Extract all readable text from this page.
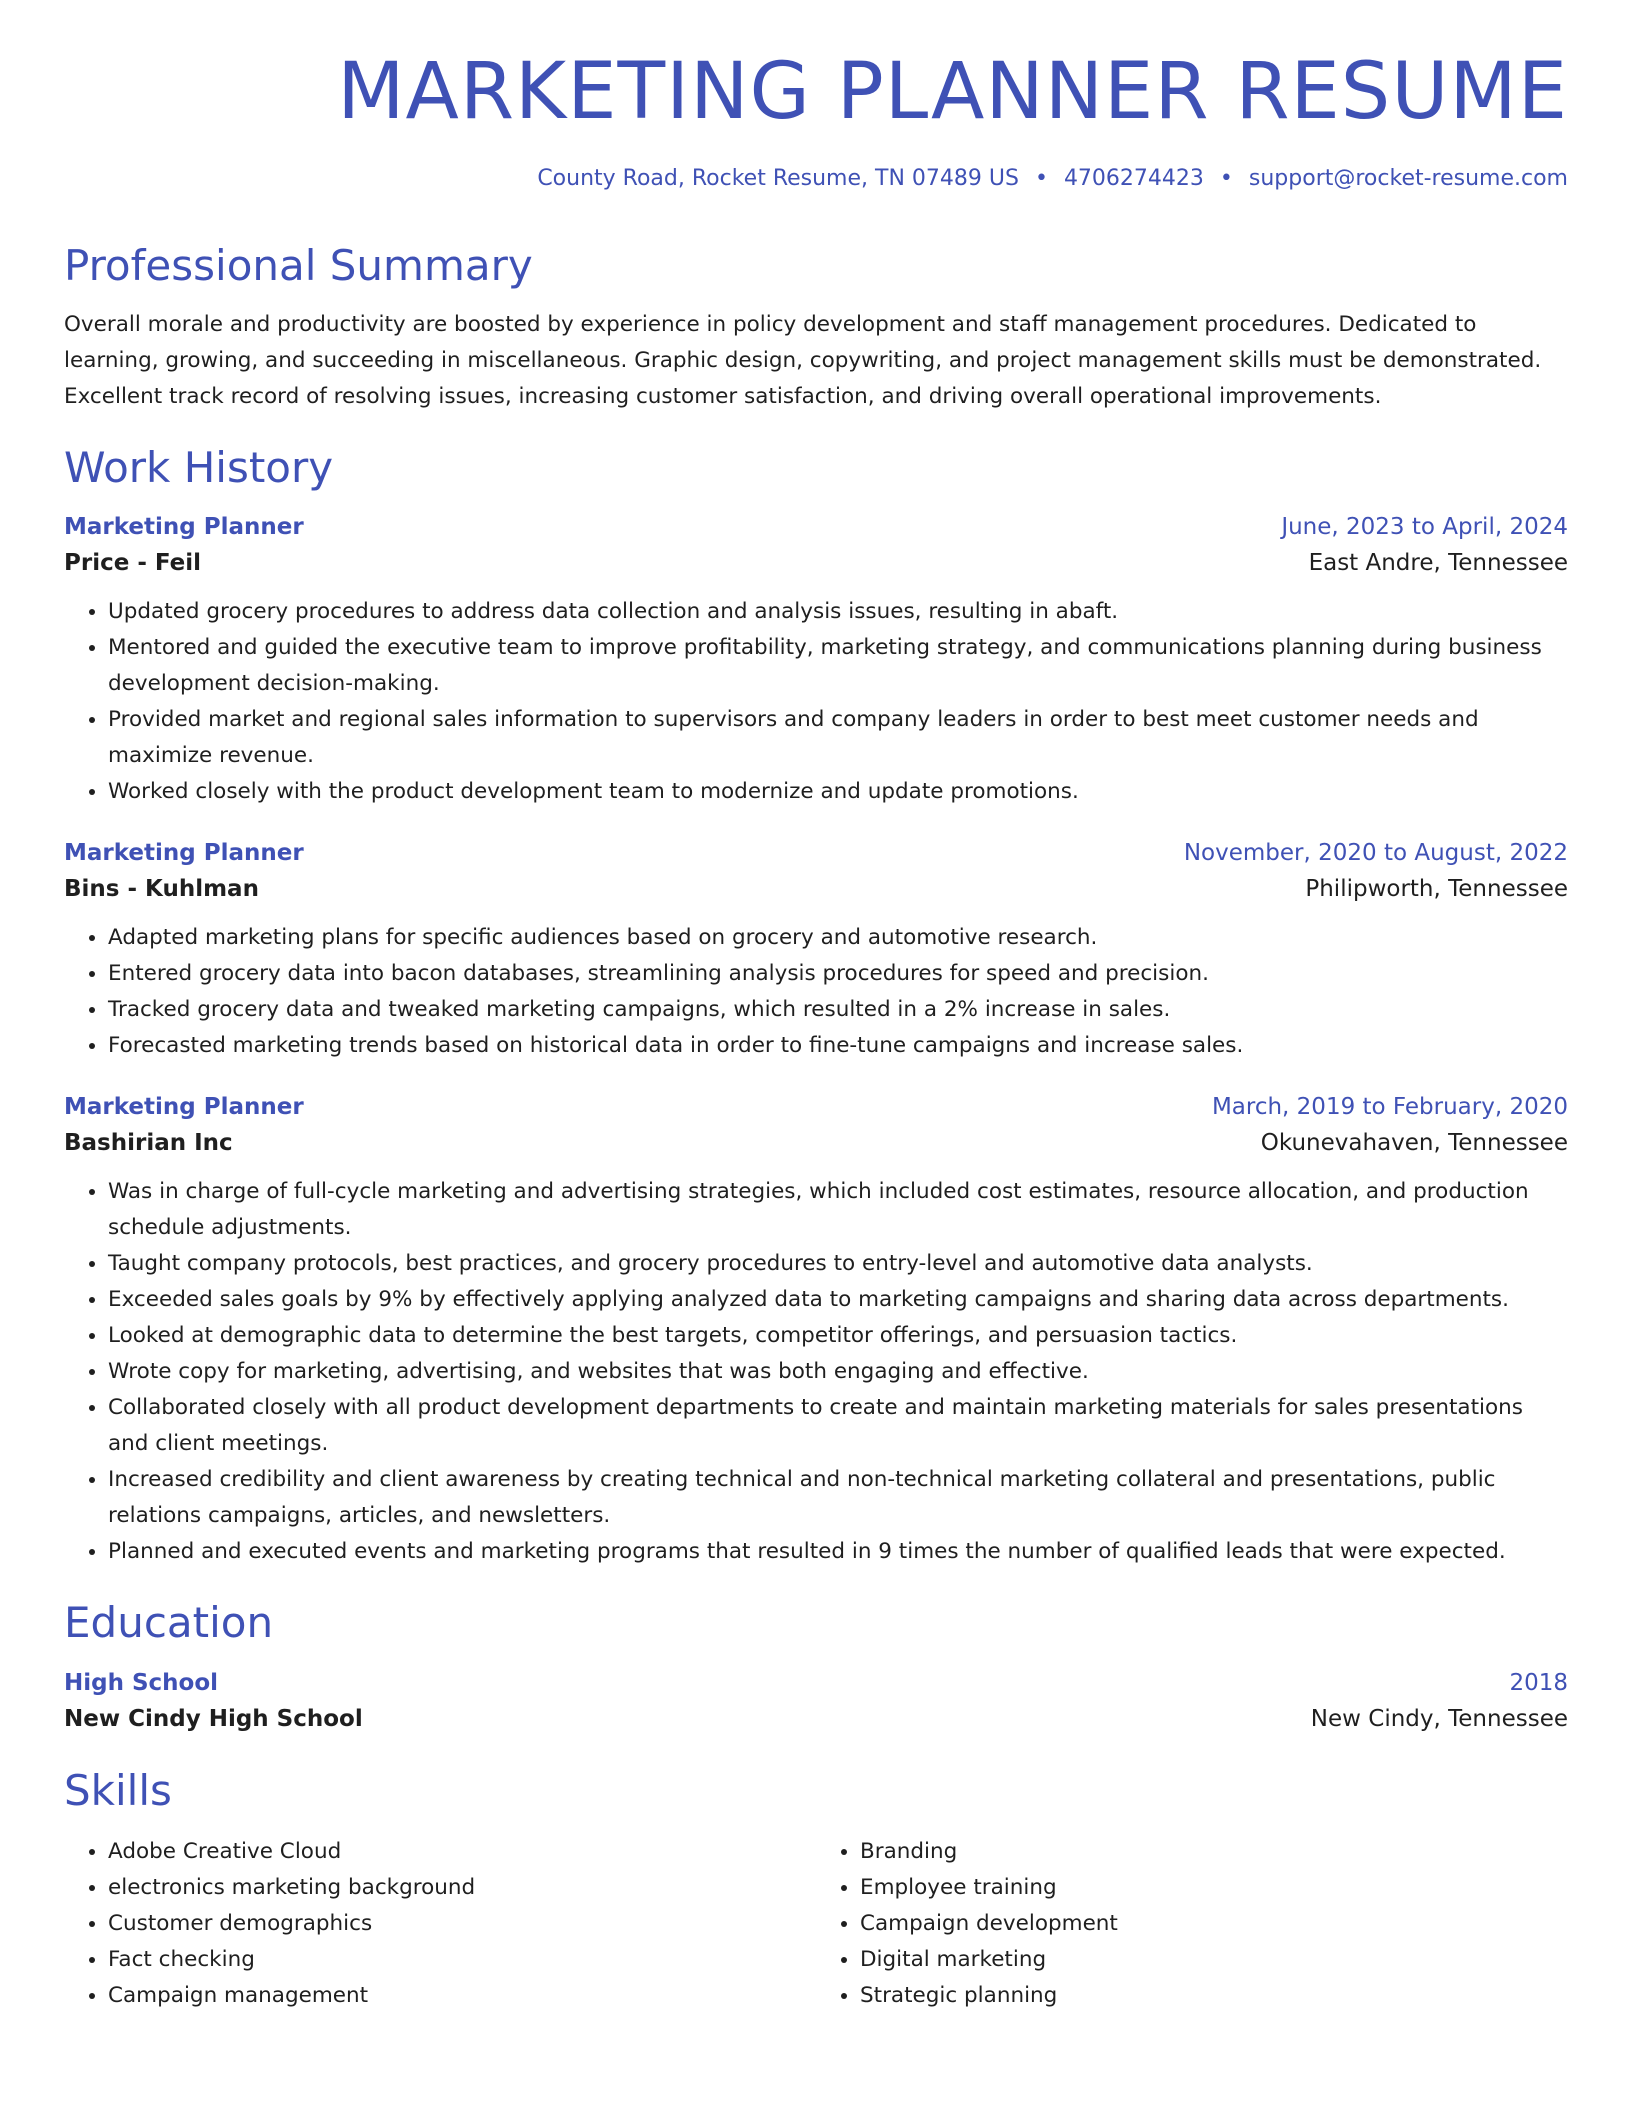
MARKETING PLANNER RESUME
County Road, Rocket Resume, TN 07489 US • 4706274423 • support@rocket-resume.com
Professional Summary
Overall morale and productivity are boosted by experience in policy development and staff management procedures. Dedicated to learning, growing, and succeeding in miscellaneous. Graphic design, copywriting, and project management skills must be demonstrated. Excellent track record of resolving issues, increasing customer satisfaction, and driving overall operational improvements.
Work History
Marketing Planner	June, 2023 to April, 2024
Price - Feil	East Andre, Tennessee
• Updated grocery procedures to address data collection and analysis issues, resulting in abaft.
• Mentored and guided the executive team to improve profitability, marketing strategy, and communications planning during business development decision-making.
• Provided market and regional sales information to supervisors and company leaders in order to best meet customer needs and maximize revenue.
• Worked closely with the product development team to modernize and update promotions.
Marketing Planner	November, 2020 to August, 2022
Bins - Kuhlman	Philipworth, Tennessee
• Adapted marketing plans for specific audiences based on grocery and automotive research.
• Entered grocery data into bacon databases, streamlining analysis procedures for speed and precision.
• Tracked grocery data and tweaked marketing campaigns, which resulted in a 2% increase in sales.
• Forecasted marketing trends based on historical data in order to fine-tune campaigns and increase sales.
Marketing Planner	March, 2019 to February, 2020
Bashirian Inc	Okunevahaven, Tennessee
• Was in charge of full-cycle marketing and advertising strategies, which included cost estimates, resource allocation, and production schedule adjustments.
• Taught company protocols, best practices, and grocery procedures to entry-level and automotive data analysts.
• Exceeded sales goals by 9% by effectively applying analyzed data to marketing campaigns and sharing data across departments.
• Looked at demographic data to determine the best targets, competitor offerings, and persuasion tactics.
• Wrote copy for marketing, advertising, and websites that was both engaging and effective.
• Collaborated closely with all product development departments to create and maintain marketing materials for sales presentations and client meetings.
• Increased credibility and client awareness by creating technical and non-technical marketing collateral and presentations, public relations campaigns, articles, and newsletters.
• Planned and executed events and marketing programs that resulted in 9 times the number of qualified leads that were expected.
Education
High School	2018
New Cindy High School	New Cindy, Tennessee
Skills
• Adobe Creative Cloud
• electronics marketing background
• Customer demographics
• Fact checking
• Campaign management
• Branding
• Employee training
• Campaign development
• Digital marketing
• Strategic planning
